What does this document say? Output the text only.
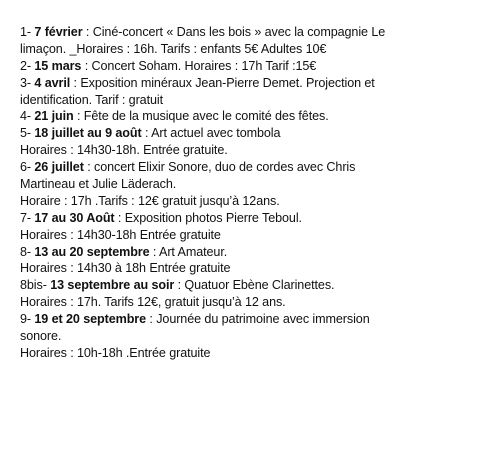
1- 7 février : Ciné-concert « Dans les bois » avec la compagnie Le
limaçon. _Horaires : 16h. Tarifs : enfants 5€ Adultes 10€
2- 15 mars : Concert Soham. Horaires : 17h Tarif :15€
3- 4 avril : Exposition minéraux Jean-Pierre Demet. Projection et
identification. Tarif : gratuit
4- 21 juin : Fête de la musique avec le comité des fêtes.
5- 18 juillet au 9 août : Art actuel avec tombola
Horaires : 14h30-18h. Entrée gratuite.
6- 26 juillet : concert Elixir Sonore, duo de cordes avec Chris
Martineau et Julie Läderach.
Horaire : 17h .Tarifs : 12€ gratuit jusqu’à 12ans.
7- 17 au 30 Août : Exposition photos Pierre Teboul.
Horaires : 14h30-18h Entrée gratuite
8- 13 au 20 septembre : Art Amateur.
Horaires : 14h30 à 18h Entrée gratuite
8bis- 13 septembre au soir : Quatuor Ebène Clarinettes.
Horaires : 17h. Tarifs 12€, gratuit jusqu’à 12 ans.
9- 19 et 20 septembre : Journée du patrimoine avec immersion
sonore.
Horaires : 10h-18h .Entrée gratuite
